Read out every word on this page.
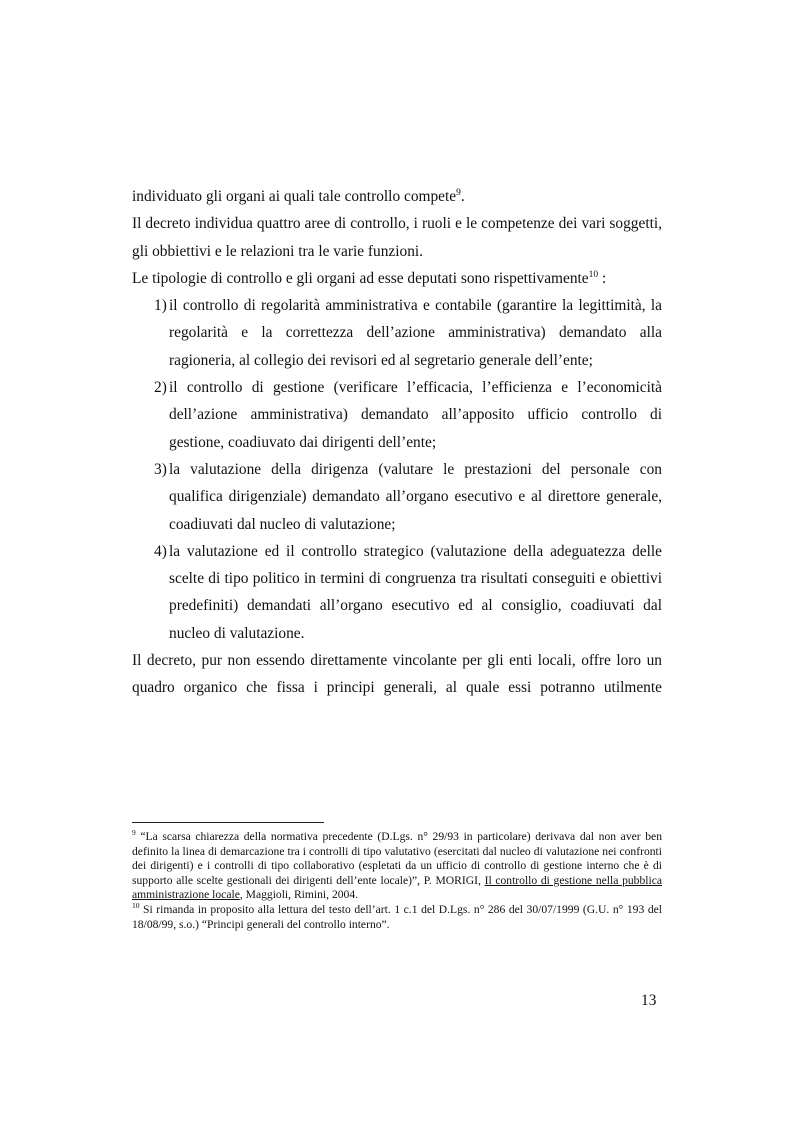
individuato gli organi ai quali tale controllo compete$^9$.

Il decreto individua quattro aree di controllo, i ruoli e le competenze dei vari soggetti, gli obbiettivi e le relazioni tra le varie funzioni.

Le tipologie di controllo e gli organi ad esse deputati sono rispettivamente$^{10}$ :

1) il controllo di regolarità amministrativa e contabile (garantire la legittimità, la regolarità e la correttezza dell’azione amministrativa) demandato alla ragioneria, al collegio dei revisori ed al segretario generale dell’ente;
2) il controllo di gestione (verificare l’efficacia, l’efficienza e l’economicità dell’azione amministrativa) demandato all’apposito ufficio controllo di gestione, coadiuvato dai dirigenti dell’ente;
3) la valutazione della dirigenza (valutare le prestazioni del personale con qualifica dirigenziale) demandato all’organo esecutivo e al direttore generale, coadiuvati dal nucleo di valutazione;
4) la valutazione ed il controllo strategico (valutazione della adeguatezza delle scelte di tipo politico in termini di congruenza tra risultati conseguiti e obiettivi predefiniti) demandati all’organo esecutivo ed al consiglio, coadiuvati dal nucleo di valutazione.

Il decreto, pur non essendo direttamente vincolante per gli enti locali, offre loro un quadro organico che fissa i principi generali, al quale essi potranno utilmente

$^9$ “La scarsa chiarezza della normativa precedente (D.Lgs. n° 29/93 in particolare) derivava dal non aver ben definito la linea di demarcazione tra i controlli di tipo valutativo (esercitati dal nucleo di valutazione nei confronti dei dirigenti) e i controlli di tipo collaborativo (espletati da un ufficio di controllo di gestione interno che è di supporto alle scelte gestionali dei dirigenti dell’ente locale)”, P. MORIGI, Il controllo di gestione nella pubblica amministrazione locale, Maggioli, Rimini, 2004.

$^{10}$ Si rimanda in proposito alla lettura del testo dell’art. 1 c.1 del D.Lgs. n° 286 del 30/07/1999 (G.U. n° 193 del 18/08/99, s.o.) “Principi generali del controllo interno”.

13
